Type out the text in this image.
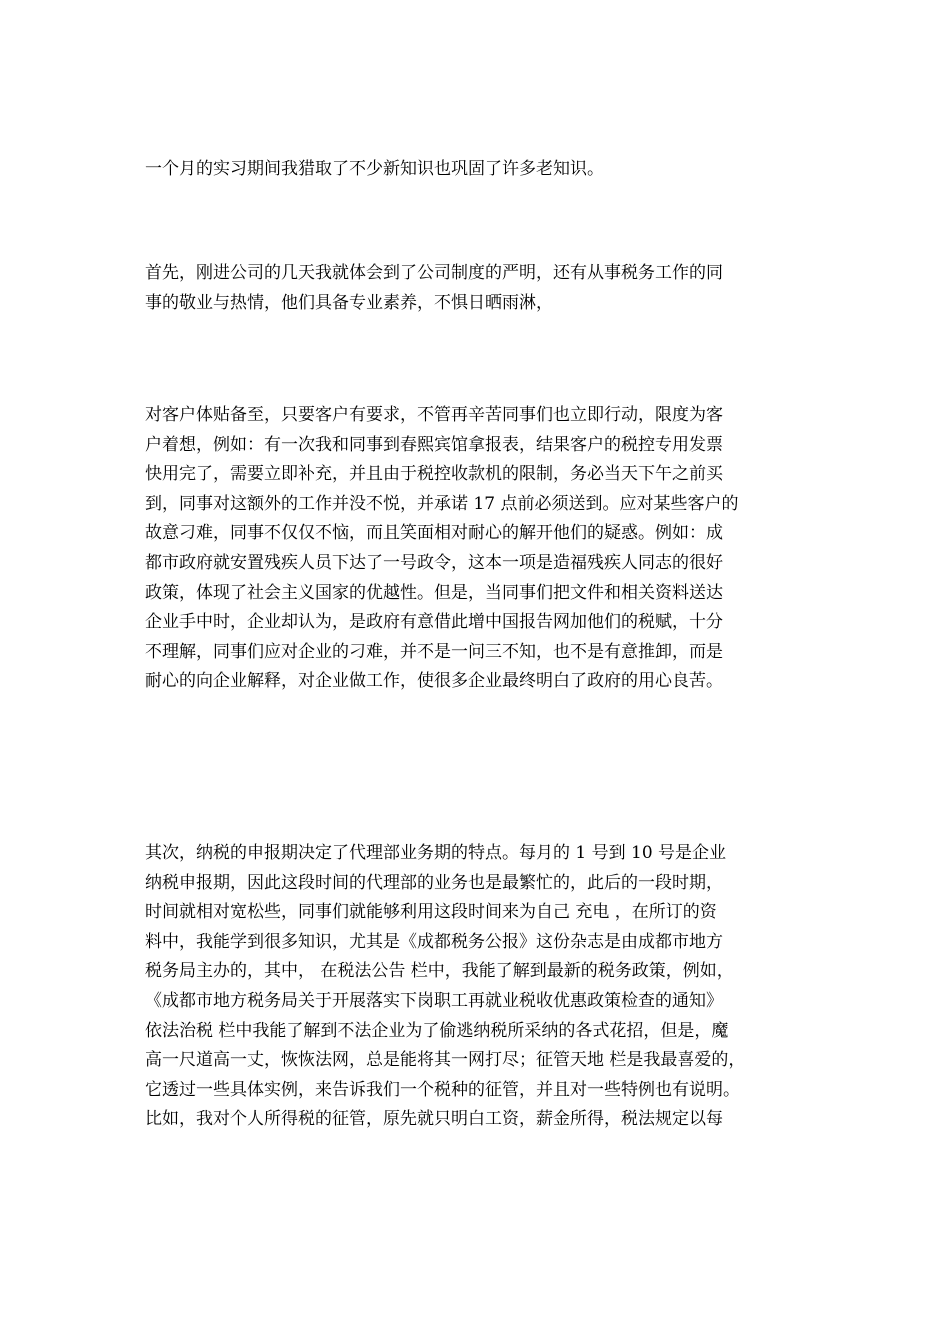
一个月的实习期间我猎取了不少新知识也巩固了许多老知识。
首先，刚进公司的几天我就体会到了公司制度的严明，还有从事税务工作的同
事的敬业与热情，他们具备专业素养，不惧日晒雨淋，
对客户体贴备至，只要客户有要求，不管再辛苦同事们也立即行动，限度为客
户着想，例如：有一次我和同事到春熙宾馆拿报表，结果客户的税控专用发票
快用完了，需要立即补充，并且由于税控收款机的限制，务必当天下午之前买
到，同事对这额外的工作并没不悦，并承诺 17 点前必须送到。应对某些客户的
故意刁难，同事不仅仅不恼，而且笑面相对耐心的解开他们的疑惑。例如：成
都市政府就安置残疾人员下达了一号政令，这本一项是造福残疾人同志的很好
政策，体现了社会主义国家的优越性。但是，当同事们把文件和相关资料送达
企业手中时，企业却认为，是政府有意借此增中国报告网加他们的税赋，十分
不理解，同事们应对企业的刁难，并不是一问三不知，也不是有意推卸，而是
耐心的向企业解释，对企业做工作，使很多企业最终明白了政府的用心良苦。
其次，纳税的申报期决定了代理部业务期的特点。每月的 1 号到 10 号是企业
纳税申报期，因此这段时间的代理部的业务也是最繁忙的，此后的一段时期，
时间就相对宽松些，同事们就能够利用这段时间来为自己 充电 ，在所订的资
料中，我能学到很多知识，尤其是《成都税务公报》这份杂志是由成都市地方
税务局主办的，其中， 在税法公告 栏中，我能了解到最新的税务政策，例如，
《成都市地方税务局关于开展落实下岗职工再就业税收优惠政策检查的通知》
依法治税 栏中我能了解到不法企业为了偷逃纳税所采纳的各式花招，但是，魔
高一尺道高一丈，恢恢法网，总是能将其一网打尽；征管天地 栏是我最喜爱的，
它透过一些具体实例，来告诉我们一个税种的征管，并且对一些特例也有说明。
比如，我对个人所得税的征管，原先就只明白工资，薪金所得，税法规定以每
